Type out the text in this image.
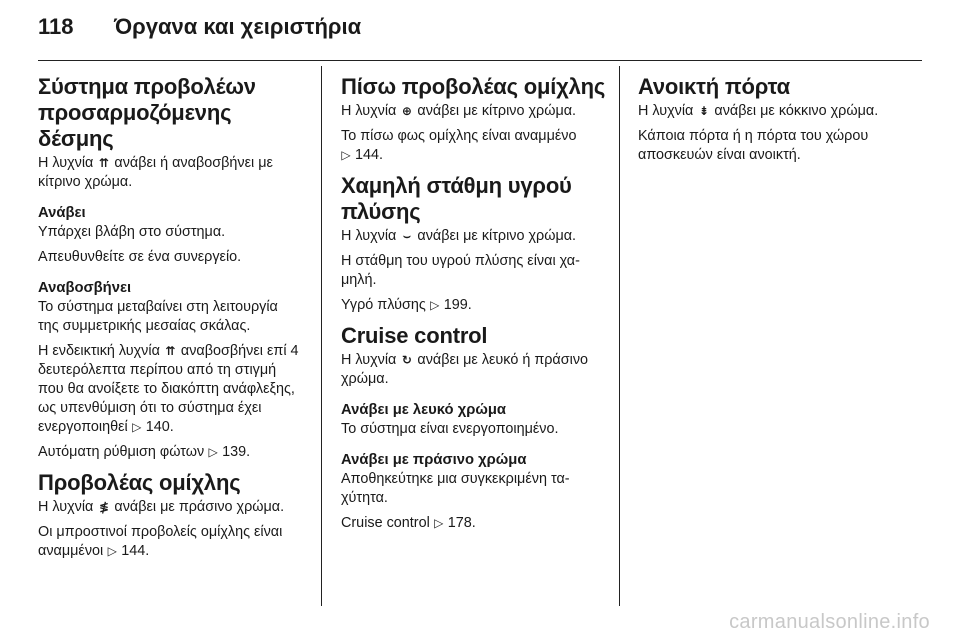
118	Όργανα και χειριστήρια
Σύστημα προβολέων προσαρμοζόμενης δέσμης

Η λυχνία ⇈ ανάβει ή αναβοσβήνει με κίτρινο χρώμα.

Ανάβει

Υπάρχει βλάβη στο σύστημα.

Απευθυνθείτε σε ένα συνεργείο.

Αναβοσβήνει

Το σύστημα μεταβαίνει στη λειτουργία της συμμετρικής μεσαίας σκάλας.

Η ενδεικτική λυχνία ⇈ αναβοσβήνει επί 4 δευτερόλεπτα περίπου από τη στιγμή που θα ανοίξετε το διακόπτη ανάφλεξης, ως υπενθύμιση ότι το σύστημα έχει ενεργοποιηθεί ▷ 140.

Αυτόματη ρύθμιση φώτων ▷ 139.

Προβολέας ομίχλης

Η λυχνία ≸ ανάβει με πράσινο χρώμα.

Οι μπροστινοί προβολείς ομίχλης είναι αναμμένοι ▷ 144.

Πίσω προβολέας ομίχλης

Η λυχνία ⊕ ανάβει με κίτρινο χρώμα.

Το πίσω φως ομίχλης είναι αναμμένο
▷ 144.

Χαμηλή στάθμη υγρού πλύσης

Η λυχνία ⌣ ανάβει με κίτρινο χρώμα.

Η στάθμη του υγρού πλύσης είναι χαμηλή.

Υγρό πλύσης ▷ 199.

Cruise control

Η λυχνία ↻ ανάβει με λευκό ή πράσινο χρώμα.

Ανάβει με λευκό χρώμα

Το σύστημα είναι ενεργοποιημένο.

Ανάβει με πράσινο χρώμα

Αποθηκεύτηκε μια συγκεκριμένη ταχύτητα.

Cruise control ▷ 178.

Ανοικτή πόρτα

Η λυχνία ⇟ ανάβει με κόκκινο χρώμα.

Κάποια πόρτα ή η πόρτα του χώρου αποσκευών είναι ανοικτή.

carmanualsonline.info
